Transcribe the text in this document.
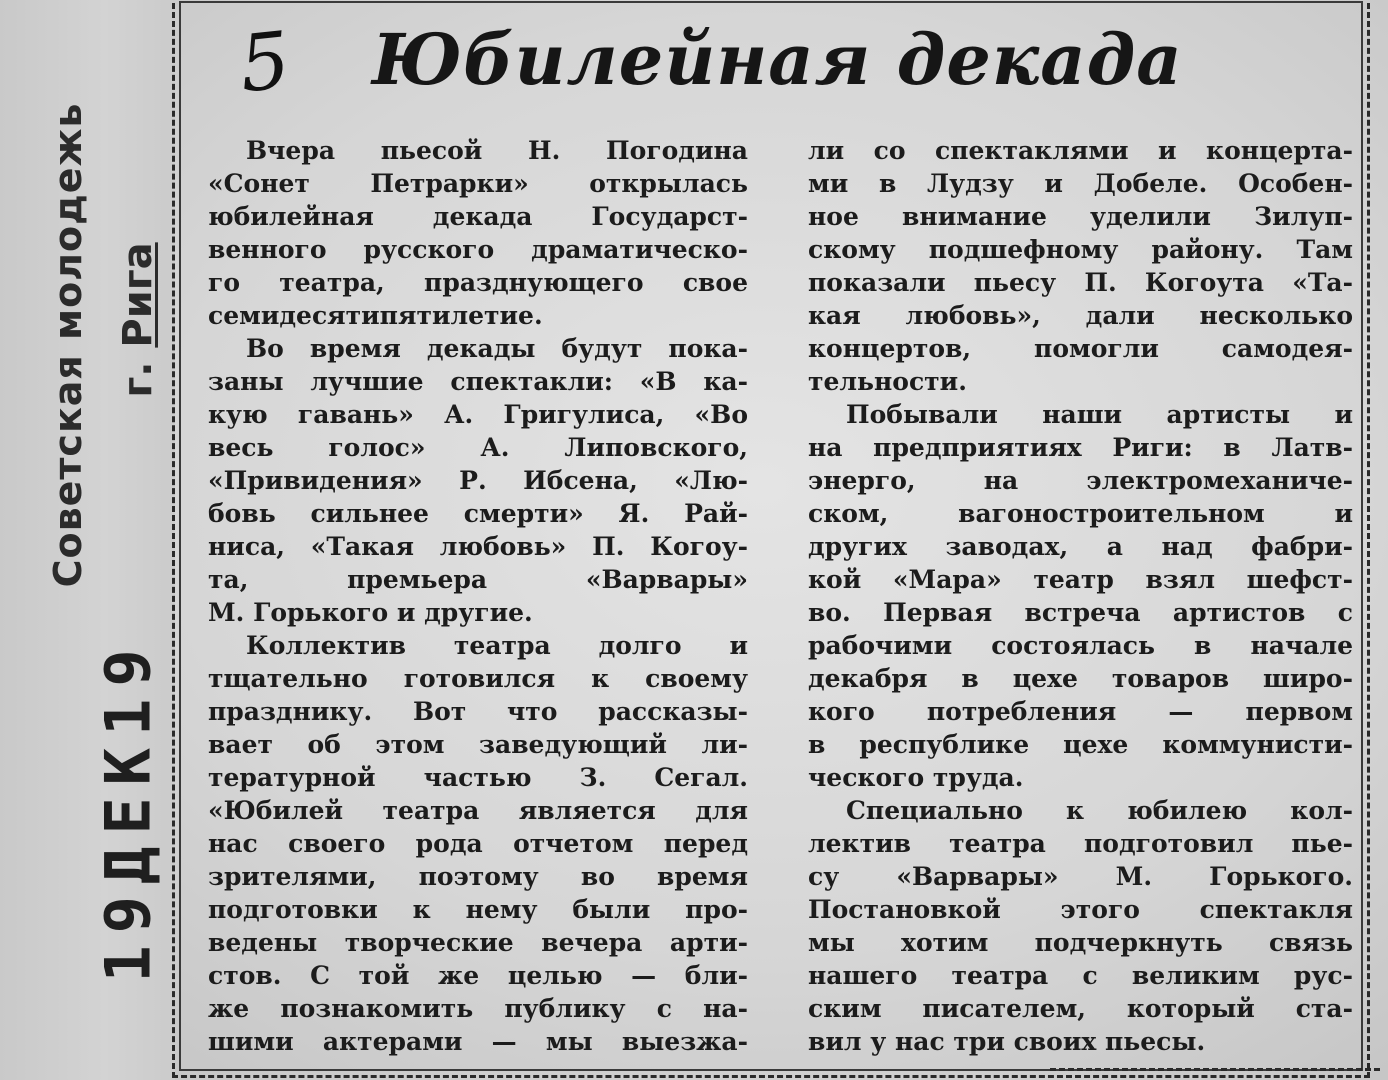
Советская молодежь г. Рига
19ДЕК19
5 Юбилейная декада
Вчера пьесой Н. Погодина
«Сонет Петрарки» открылась
юбилейная декада Государст-
венного русского драматическо-
го театра, празднующего свое
семидесятипятилетие.
Во время декады будут пока-
заны лучшие спектакли: «В ка-
кую гавань» А. Григулиса, «Во
весь голос» А. Липовского,
«Привидения» Р. Ибсена, «Лю-
бовь сильнее смерти» Я. Рай-
ниса, «Такая любовь» П. Когоу-
та, премьера «Варвары»
М. Горького и другие.
Коллектив театра долго и
тщательно готовился к своему
празднику. Вот что рассказы-
вает об этом заведующий ли-
тературной частью З. Сегал.
«Юбилей театра является для
нас своего рода отчетом перед
зрителями, поэтому во время
подготовки к нему были про-
ведены творческие вечера арти-
стов. С той же целью — бли-
же познакомить публику с на-
шими актерами — мы выезжа-
ли со спектаклями и концерта-
ми в Лудзу и Добеле. Особен-
ное внимание уделили Зилуп-
скому подшефному району. Там
показали пьесу П. Когоута «Та-
кая любовь», дали несколько
концертов, помогли самодея-
тельности.
Побывали наши артисты и
на предприятиях Риги: в Латв-
энерго, на электромеханиче-
ском, вагоностроительном и
других заводах, а над фабри-
кой «Мара» театр взял шефст-
во. Первая встреча артистов с
рабочими состоялась в начале
декабря в цехе товаров широ-
кого потребления — первом
в республике цехе коммунисти-
ческого труда.
Специально к юбилею кол-
лектив театра подготовил пье-
су «Варвары» М. Горького.
Постановкой этого спектакля
мы хотим подчеркнуть связь
нашего театра с великим рус-
ским писателем, который ста-
вил у нас три своих пьесы.
